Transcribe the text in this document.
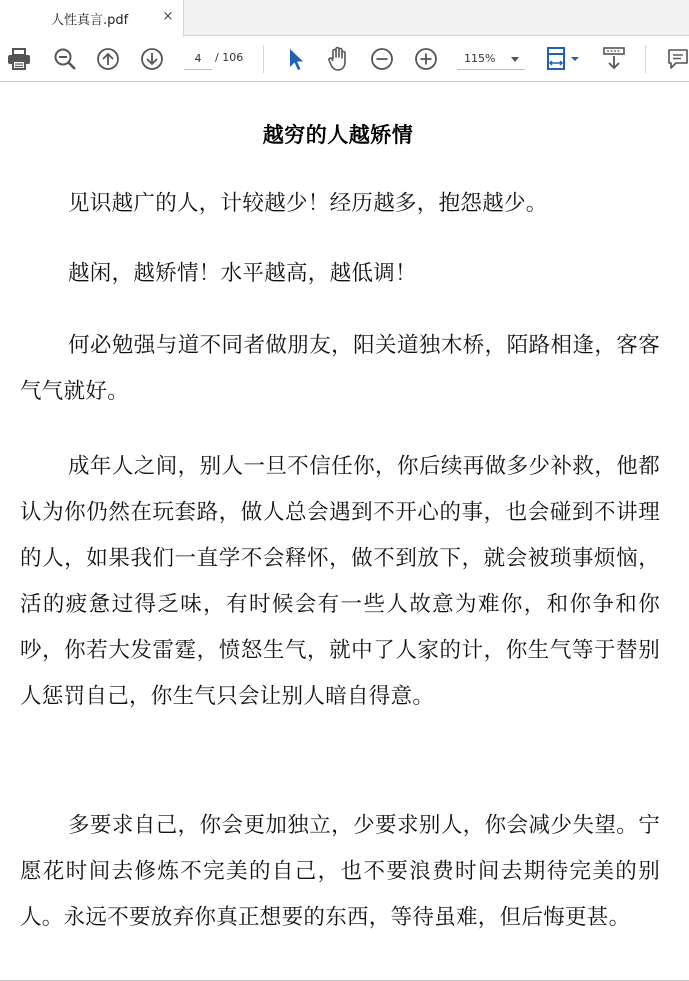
人性真言.pdf	×
4	/ 106	115%
越穷的人越矫情
见识越广的人，计较越少！经历越多，抱怨越少。
越闲，越矫情！水平越高，越低调！
何必勉强与道不同者做朋友，阳关道独木桥，陌路相逢，客客气气就好。
成年人之间，别人一旦不信任你，你后续再做多少补救，他都认为你仍然在玩套路，做人总会遇到不开心的事，也会碰到不讲理的人，如果我们一直学不会释怀，做不到放下，就会被琐事烦恼，活的疲惫过得乏味，有时候会有一些人故意为难你，和你争和你吵，你若大发雷霆，愤怒生气，就中了人家的计，你生气等于替别人惩罚自己，你生气只会让别人暗自得意。
多要求自己，你会更加独立，少要求别人，你会减少失望。宁愿花时间去修炼不完美的自己，也不要浪费时间去期待完美的别人。永远不要放弃你真正想要的东西，等待虽难，但后悔更甚。
